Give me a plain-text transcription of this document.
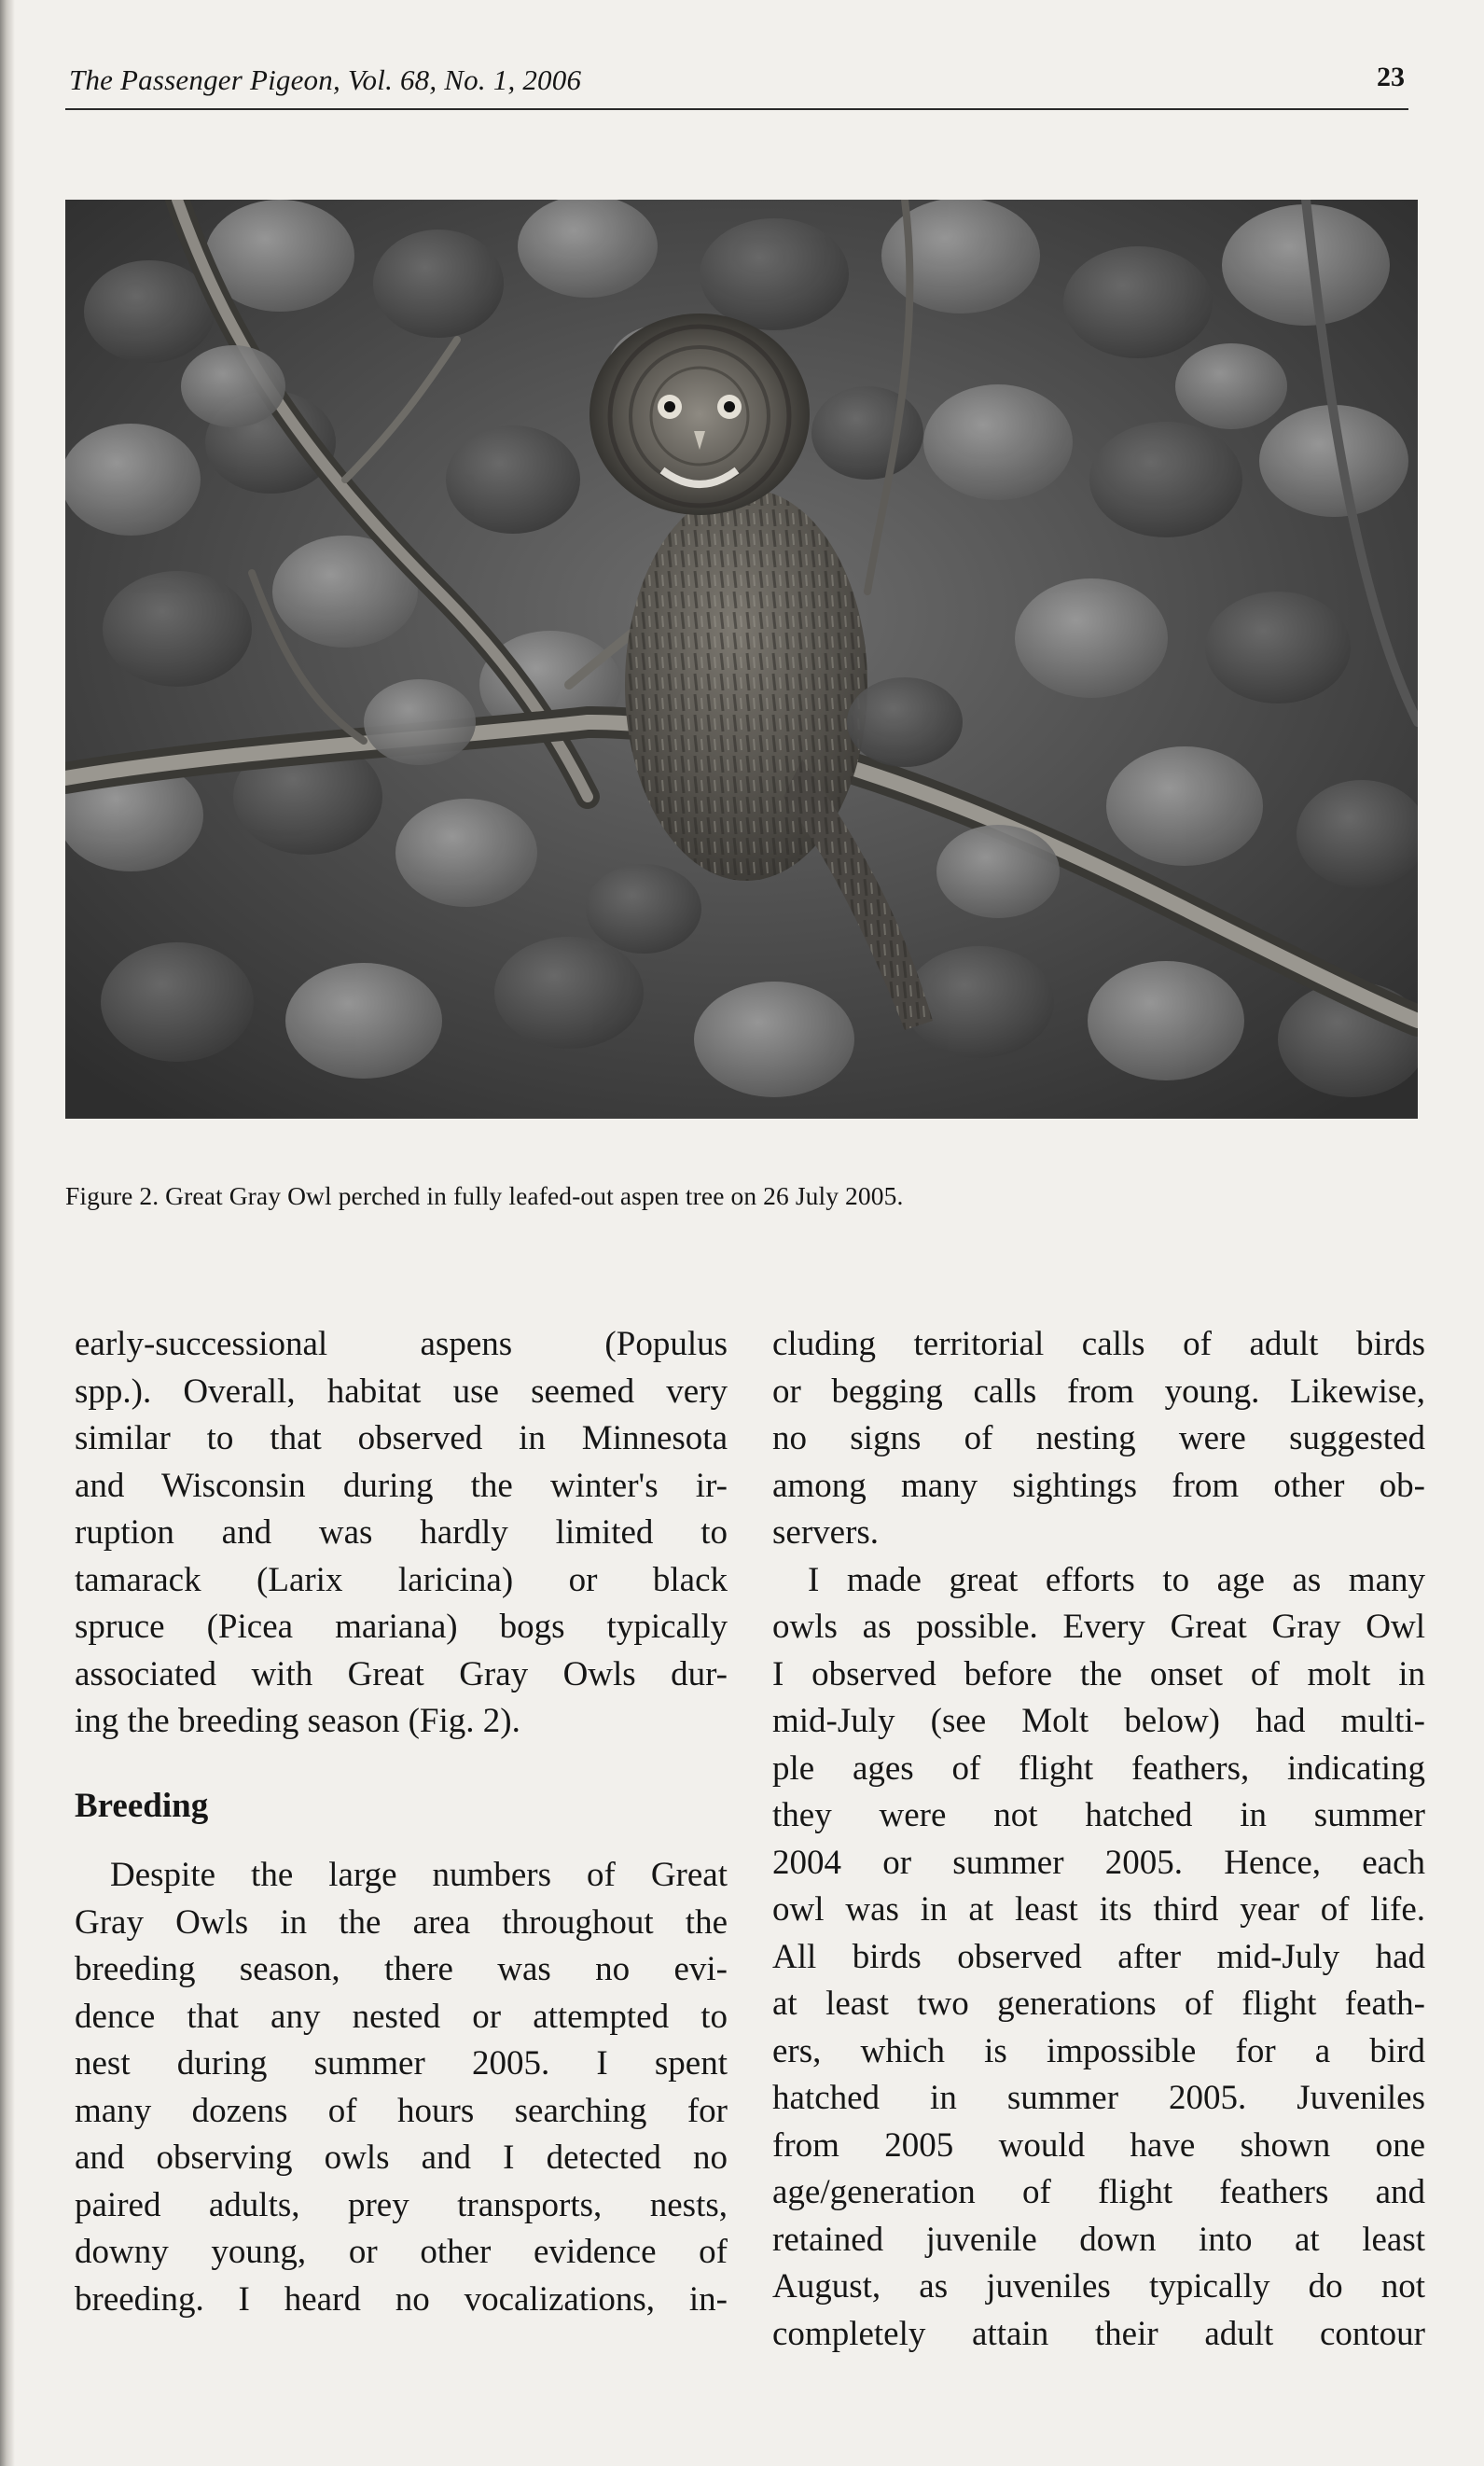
The Passenger Pigeon, Vol. 68, No. 1, 2006	23
Figure 2. Great Gray Owl perched in fully leafed-out aspen tree on 26 July 2005.
early-successional aspens (Populus
spp.). Overall, habitat use seemed very
similar to that observed in Minnesota
and Wisconsin during the winter's ir-
ruption and was hardly limited to
tamarack (Larix laricina) or black
spruce (Picea mariana) bogs typically
associated with Great Gray Owls dur-
ing the breeding season (Fig. 2).
Breeding
Despite the large numbers of Great
Gray Owls in the area throughout the
breeding season, there was no evi-
dence that any nested or attempted to
nest during summer 2005. I spent
many dozens of hours searching for
and observing owls and I detected no
paired adults, prey transports, nests,
downy young, or other evidence of
breeding. I heard no vocalizations, in-
cluding territorial calls of adult birds
or begging calls from young. Likewise,
no signs of nesting were suggested
among many sightings from other ob-
servers.
I made great efforts to age as many
owls as possible. Every Great Gray Owl
I observed before the onset of molt in
mid-July (see Molt below) had multi-
ple ages of flight feathers, indicating
they were not hatched in summer
2004 or summer 2005. Hence, each
owl was in at least its third year of life.
All birds observed after mid-July had
at least two generations of flight feath-
ers, which is impossible for a bird
hatched in summer 2005. Juveniles
from 2005 would have shown one
age/generation of flight feathers and
retained juvenile down into at least
August, as juveniles typically do not
completely attain their adult contour
